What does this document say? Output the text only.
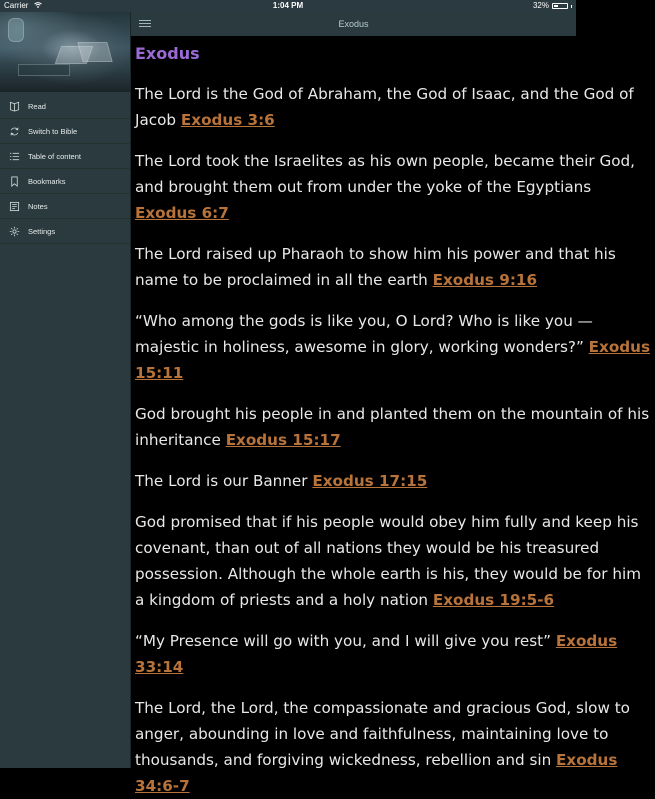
Carrier	1:04 PM	32%
Read
Switch to Bible
Table of content
Bookmarks
Notes
Settings
Exodus
Exodus

The Lord is the God of Abraham, the God of Isaac, and the God of Jacob Exodus 3:6

The Lord took the Israelites as his own people, became their God, and brought them out from under the yoke of the Egyptians Exodus 6:7

The Lord raised up Pharaoh to show him his power and that his name to be proclaimed in all the earth Exodus 9:16

“Who among the gods is like you, O Lord? Who is like you — majestic in holiness, awesome in glory, working wonders?” Exodus 15:11

God brought his people in and planted them on the mountain of his inheritance Exodus 15:17

The Lord is our Banner Exodus 17:15

God promised that if his people would obey him fully and keep his covenant, than out of all nations they would be his treasured possession. Although the whole earth is his, they would be for him a kingdom of priests and a holy nation Exodus 19:5-6

“My Presence will go with you, and I will give you rest” Exodus 33:14

The Lord, the Lord, the compassionate and gracious God, slow to anger, abounding in love and faithfulness, maintaining love to thousands, and forgiving wickedness, rebellion and sin Exodus 34:6-7
